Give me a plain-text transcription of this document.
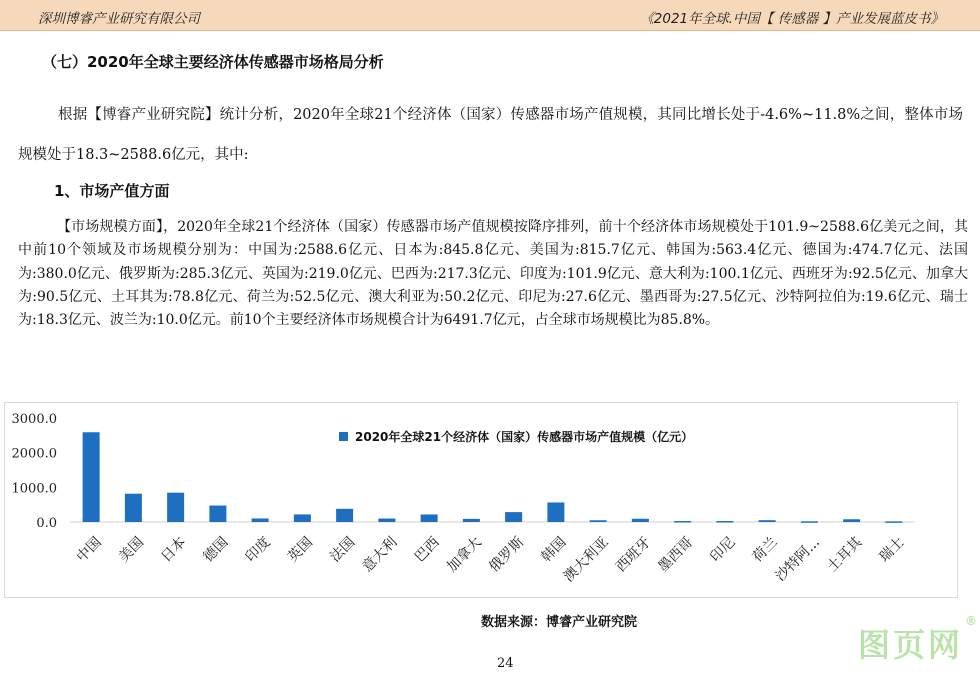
深圳博睿产业研究有限公司	《2021年全球.中国【 传感器 】产业发展蓝皮书》
（七）2020年全球主要经济体传感器市场格局分析
根据【博睿产业研究院】统计分析，2020年全球21个经济体（国家）传感器市场产值规模，其同比增长处于-4.6%~11.8%之间，整体市场规模处于18.3~2588.6亿元，其中:
1、市场产值方面
【市场规模方面】，2020年全球21个经济体（国家）传感器市场产值规模按降序排列，前十个经济体市场规模处于101.9~2588.6亿美元之间，其中前10个领域及市场规模分别为：中国为:2588.6亿元、日本为:845.8亿元、美国为:815.7亿元、韩国为:563.4亿元、德国为:474.7亿元、法国为:380.0亿元、俄罗斯为:285.3亿元、英国为:219.0亿元、巴西为:217.3亿元、印度为:101.9亿元、意大利为:100.1亿元、西班牙为:92.5亿元、加拿大为:90.5亿元、土耳其为:78.8亿元、荷兰为:52.5亿元、澳大利亚为:50.2亿元、印尼为:27.6亿元、墨西哥为:27.5亿元、沙特阿拉伯为:19.6亿元、瑞士为:18.3亿元、波兰为:10.0亿元。前10个主要经济体市场规模合计为6491.7亿元，占全球市场规模比为85.8%。
3000.0
2000.0
1000.0
0.0
中国 美国 日本 德国 印度 英国 法国 意大利 巴西 加拿大 俄罗斯 韩国
澳大利亚 西班牙 墨西哥 印尼 荷兰
沙特阿... 土耳其 瑞士
2020年全球21个经济体（国家）传感器市场产值规模（亿元）
数据来源：博睿产业研究院
24	图页网
®
